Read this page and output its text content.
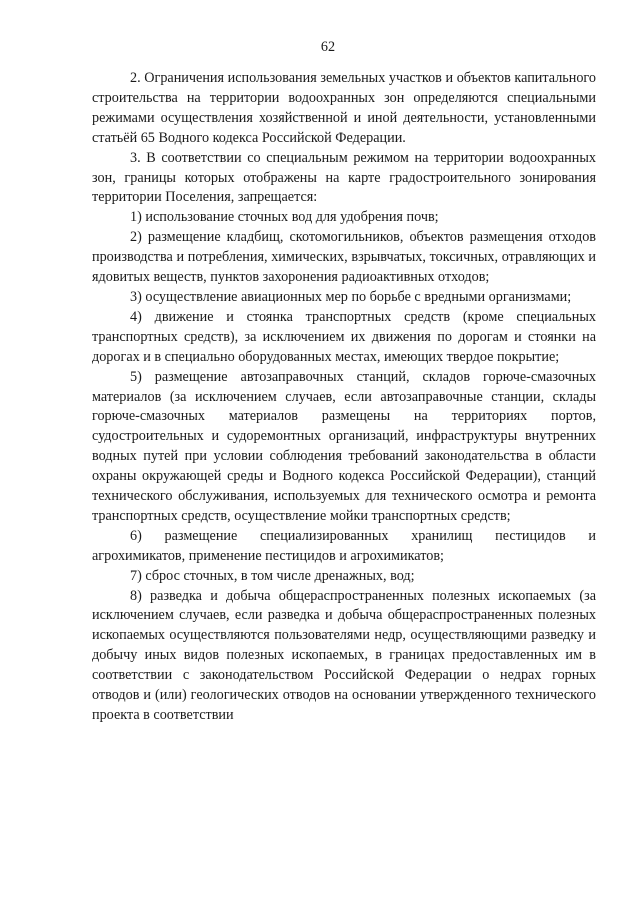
62

2. Ограничения использования земельных участков и объектов капитального строительства на территории водоохранных зон определяются специальными режимами осуществления хозяйственной и иной деятельности, установленными статьёй 65 Водного кодекса Российской Федерации.

3. В соответствии со специальным режимом на территории водоохранных зон, границы которых отображены на карте градостроительного зонирования территории Поселения, запрещается:

1) использование сточных вод для удобрения почв;

2) размещение кладбищ, скотомогильников, объектов размещения отходов производства и потребления, химических, взрывчатых, токсичных, отравляющих и ядовитых веществ, пунктов захоронения радиоактивных отходов;

3) осуществление авиационных мер по борьбе с вредными организмами;

4) движение и стоянка транспортных средств (кроме специальных транспортных средств), за исключением их движения по дорогам и стоянки на дорогах и в специально оборудованных местах, имеющих твердое покрытие;

5) размещение автозаправочных станций, складов горюче-смазочных материалов (за исключением случаев, если автозаправочные станции, склады горюче-смазочных материалов размещены на территориях портов, судостроительных и судоремонтных организаций, инфраструктуры внутренних водных путей при условии соблюдения требований законодательства в области охраны окружающей среды и Водного кодекса Российской Федерации), станций технического обслуживания, используемых для технического осмотра и ремонта транспортных средств, осуществление мойки транспортных средств;

6) размещение специализированных хранилищ пестицидов и агрохимикатов, применение пестицидов и агрохимикатов;

7) сброс сточных, в том числе дренажных, вод;

8) разведка и добыча общераспространенных полезных ископаемых (за исключением случаев, если разведка и добыча общераспространенных полезных ископаемых осуществляются пользователями недр, осуществляющими разведку и добычу иных видов полезных ископаемых, в границах предоставленных им в соответствии с законодательством Российской Федерации о недрах горных отводов и (или) геологических отводов на основании утвержденного технического проекта в соответствии
